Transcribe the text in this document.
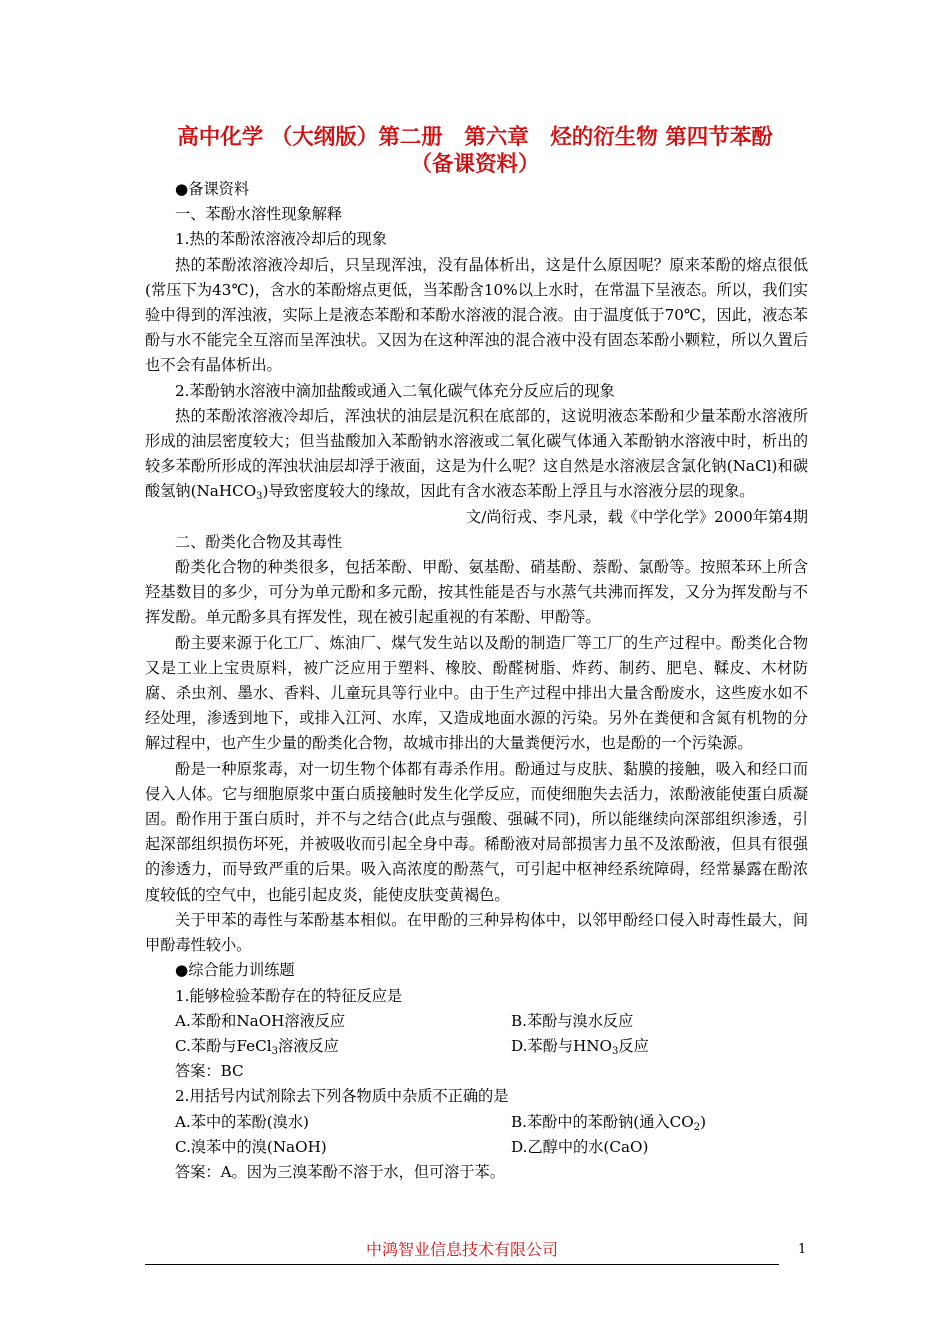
高中化学 （大纲版）第二册　第六章　烃的衍生物 第四节苯酚
（备课资料）

●备课资料

一、苯酚水溶性现象解释

1.热的苯酚浓溶液冷却后的现象

热的苯酚浓溶液冷却后，只呈现浑浊，没有晶体析出，这是什么原因呢？原来苯酚的熔点很低(常压下为43℃)，含水的苯酚熔点更低，当苯酚含10%以上水时，在常温下呈液态。所以，我们实验中得到的浑浊液，实际上是液态苯酚和苯酚水溶液的混合液。由于温度低于70℃，因此，液态苯酚与水不能完全互溶而呈浑浊状。又因为在这种浑浊的混合液中没有固态苯酚小颗粒，所以久置后也不会有晶体析出。

2.苯酚钠水溶液中滴加盐酸或通入二氧化碳气体充分反应后的现象

热的苯酚浓溶液冷却后，浑浊状的油层是沉积在底部的，这说明液态苯酚和少量苯酚水溶液所形成的油层密度较大；但当盐酸加入苯酚钠水溶液或二氧化碳气体通入苯酚钠水溶液中时，析出的较多苯酚所形成的浑浊状油层却浮于液面，这是为什么呢？这自然是水溶液层含氯化钠(NaCl)和碳酸氢钠(NaHCO$_3$)导致密度较大的缘故，因此有含水液态苯酚上浮且与水溶液分层的现象。

文/尚衍戎、李凡录，载《中学化学》2000年第4期

二、酚类化合物及其毒性

酚类化合物的种类很多，包括苯酚、甲酚、氨基酚、硝基酚、萘酚、氯酚等。按照苯环上所含羟基数目的多少，可分为单元酚和多元酚，按其性能是否与水蒸气共沸而挥发，又分为挥发酚与不挥发酚。单元酚多具有挥发性，现在被引起重视的有苯酚、甲酚等。

酚主要来源于化工厂、炼油厂、煤气发生站以及酚的制造厂等工厂的生产过程中。酚类化合物又是工业上宝贵原料，被广泛应用于塑料、橡胶、酚醛树脂、炸药、制药、肥皂、鞣皮、木材防腐、杀虫剂、墨水、香料、儿童玩具等行业中。由于生产过程中排出大量含酚废水，这些废水如不经处理，渗透到地下，或排入江河、水库，又造成地面水源的污染。另外在粪便和含氮有机物的分解过程中，也产生少量的酚类化合物，故城市排出的大量粪便污水，也是酚的一个污染源。

酚是一种原浆毒，对一切生物个体都有毒杀作用。酚通过与皮肤、黏膜的接触，吸入和经口而侵入人体。它与细胞原浆中蛋白质接触时发生化学反应，而使细胞失去活力，浓酚液能使蛋白质凝固。酚作用于蛋白质时，并不与之结合(此点与强酸、强碱不同)，所以能继续向深部组织渗透，引起深部组织损伤坏死，并被吸收而引起全身中毒。稀酚液对局部损害力虽不及浓酚液，但具有很强的渗透力，而导致严重的后果。吸入高浓度的酚蒸气，可引起中枢神经系统障碍，经常暴露在酚浓度较低的空气中，也能引起皮炎，能使皮肤变黄褐色。

关于甲苯的毒性与苯酚基本相似。在甲酚的三种异构体中，以邻甲酚经口侵入时毒性最大，间甲酚毒性较小。

●综合能力训练题

1.能够检验苯酚存在的特征反应是

A.苯酚和NaOH溶液反应	B.苯酚与溴水反应
C.苯酚与FeCl$_3$溶液反应	D.苯酚与$HNO_3$反应

答案：BC

2.用括号内试剂除去下列各物质中杂质不正确的是

A.苯中的苯酚(溴水)	B.苯酚中的苯酚钠(通入$CO_2$)
C.溴苯中的溴(NaOH)	D.乙醇中的水(CaO)

答案：A。因为三溴苯酚不溶于水，但可溶于苯。

中鸿智业信息技术有限公司	1
